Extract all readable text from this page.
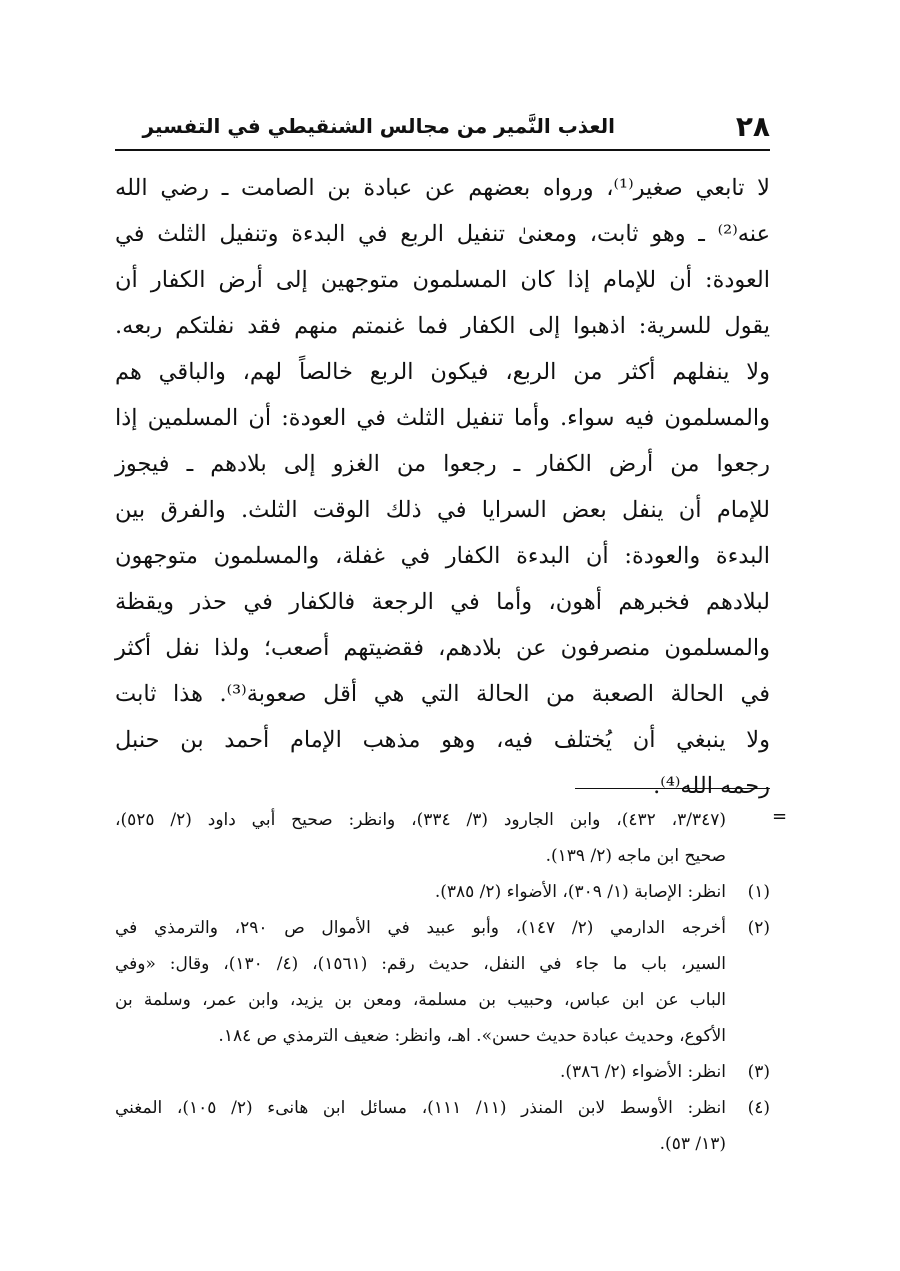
العذب النَّمير من مجالس الشنقيطي في التفسير	٢٨
لا تابعي صغير⁽¹⁾، ورواه بعضهم عن عبادة بن الصامت ـ رضي الله
عنه⁽²⁾ ـ وهو ثابت، ومعنىٰ تنفيل الربع في البدءة وتنفيل الثلث في
العودة: أن للإمام إذا كان المسلمون متوجهين إلى أرض الكفار أن
يقول للسرية: اذهبوا إلى الكفار فما غنمتم منهم فقد نفلتكم ربعه.
ولا ينفلهم أكثر من الربع، فيكون الربع خالصاً لهم، والباقي هم
والمسلمون فيه سواء. وأما تنفيل الثلث في العودة: أن المسلمين إذا
رجعوا من أرض الكفار ـ رجعوا من الغزو إلى بلادهم ـ فيجوز
للإمام أن ينفل بعض السرايا في ذلك الوقت الثلث. والفرق بين
البدءة والعودة: أن البدءة الكفار في غفلة، والمسلمون متوجهون
لبلادهم فخبرهم أهون، وأما في الرجعة فالكفار في حذر ويقظة
والمسلمون منصرفون عن بلادهم، فقضيتهم أصعب؛ ولذا نفل أكثر
في الحالة الصعبة من الحالة التي هي أقل صعوبة⁽³⁾. هذا ثابت
ولا ينبغي أن يُختلف فيه، وهو مذهب الإمام أحمد بن حنبل
رحمه الله⁽⁴⁾.
=
(٣/٣٤٧، ٤٣٢)، وابن الجارود (٣/ ٣٣٤)، وانظر: صحيح أبي داود (٢/ ٥٢٥)،
صحيح ابن ماجه (٢/ ١٣٩).
(١)
انظر: الإصابة (١/ ٣٠٩)، الأضواء (٢/ ٣٨٥).
(٢)
أخرجه الدارمي (٢/ ١٤٧)، وأبو عبيد في الأموال ص ٢٩٠، والترمذي في
السير، باب ما جاء في النفل، حديث رقم: (١٥٦١)، (٤/ ١٣٠)، وقال: «وفي
الباب عن ابن عباس، وحبيب بن مسلمة، ومعن بن يزيد، وابن عمر، وسلمة بن
الأكوع، وحديث عبادة حديث حسن». اهـ، وانظر: ضعيف الترمذي ص ١٨٤.
(٣)
انظر: الأضواء (٢/ ٣٨٦).
(٤)
انظر: الأوسط لابن المنذر (١١/ ١١١)، مسائل ابن هانىء (٢/ ١٠٥)، المغني
(١٣/ ٥٣).
